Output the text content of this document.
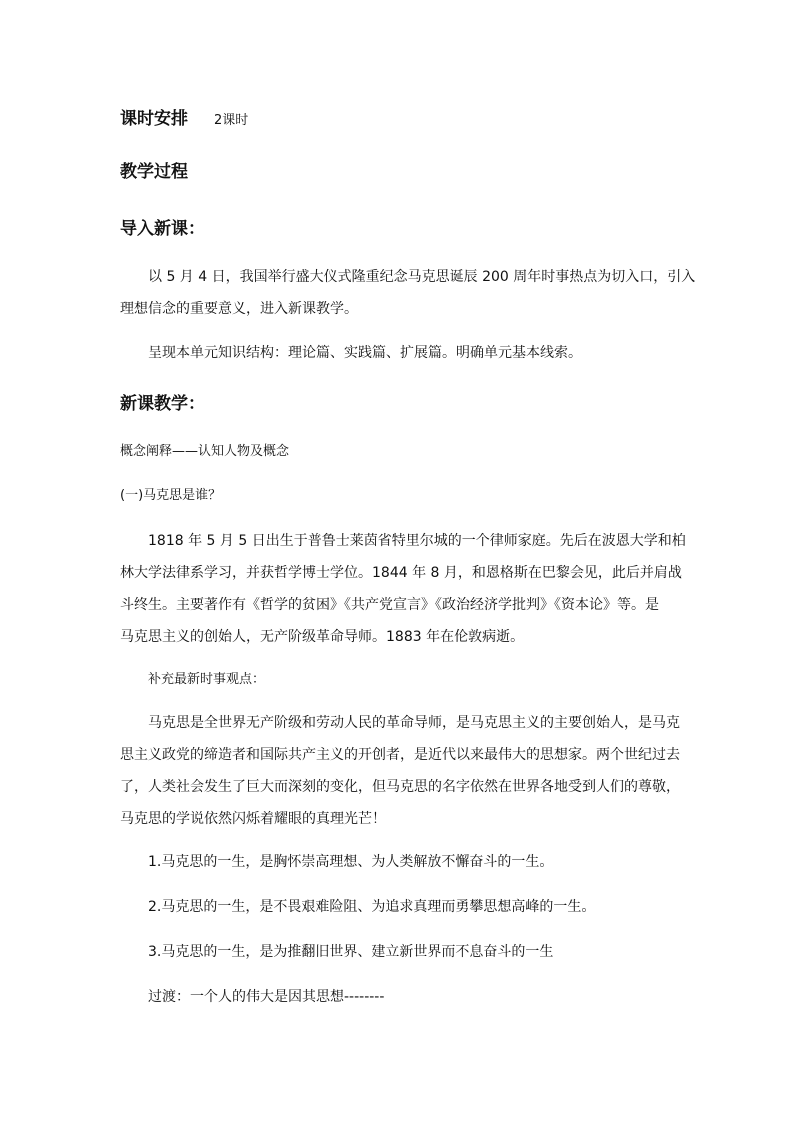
课时安排 2课时
教学过程
导入新课：
以 5 月 4 日，我国举行盛大仪式隆重纪念马克思诞辰 200 周年时事热点为切入口，引入
理想信念的重要意义，进入新课教学。
呈现本单元知识结构：理论篇、实践篇、扩展篇。明确单元基本线索。
新课教学：
概念阐释——认知人物及概念
(一)马克思是谁？
1818 年 5 月 5 日出生于普鲁士莱茵省特里尔城的一个律师家庭。先后在波恩大学和柏
林大学法律系学习，并获哲学博士学位。1844 年 8 月，和恩格斯在巴黎会见，此后并肩战
斗终生。主要著作有《哲学的贫困》《共产党宣言》《政治经济学批判》《资本论》等。是
马克思主义的创始人，无产阶级革命导师。1883 年在伦敦病逝。
补充最新时事观点：
马克思是全世界无产阶级和劳动人民的革命导师，是马克思主义的主要创始人，是马克
思主义政党的缔造者和国际共产主义的开创者，是近代以来最伟大的思想家。两个世纪过去
了，人类社会发生了巨大而深刻的变化，但马克思的名字依然在世界各地受到人们的尊敬，
马克思的学说依然闪烁着耀眼的真理光芒！
1.马克思的一生，是胸怀崇高理想、为人类解放不懈奋斗的一生。
2.马克思的一生，是不畏艰难险阻、为追求真理而勇攀思想高峰的一生。
3.马克思的一生，是为推翻旧世界、建立新世界而不息奋斗的一生
过渡：一个人的伟大是因其思想--------
